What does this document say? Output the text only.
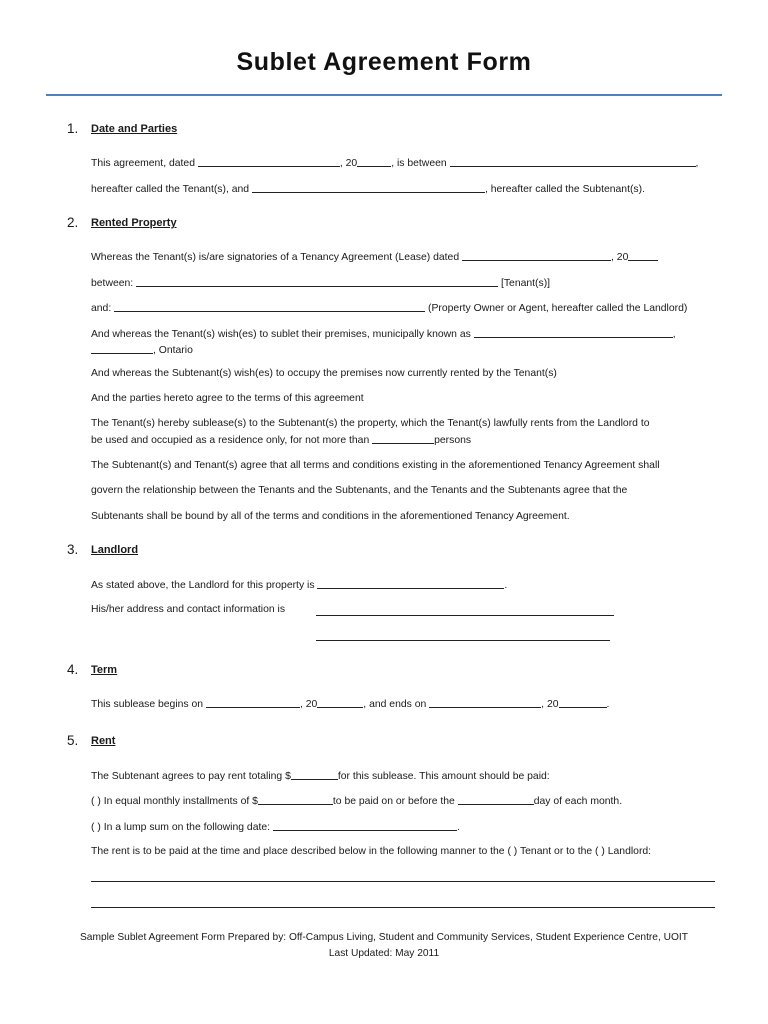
Sublet Agreement Form
1. Date and Parties
This agreement, dated	, 20	, is between	,
hereafter called the Tenant(s), and	, hereafter called the Subtenant(s).
2. Rented Property
Whereas the Tenant(s) is/are signatories of a Tenancy Agreement (Lease) dated	, 20
between:	[Tenant(s)]
and:	(Property Owner or Agent, hereafter called the Landlord)
And whereas the Tenant(s) wish(es) to sublet their premises, municipally known as	,
, Ontario
And whereas the Subtenant(s) wish(es) to occupy the premises now currently rented by the Tenant(s)
And the parties hereto agree to the terms of this agreement
The Tenant(s) hereby sublease(s) to the Subtenant(s) the property, which the Tenant(s) lawfully rents from the Landlord to
be used and occupied as a residence only, for not more than	persons
The Subtenant(s) and Tenant(s) agree that all terms and conditions existing in the aforementioned Tenancy Agreement shall
govern the relationship between the Tenants and the Subtenants, and the Tenants and the Subtenants agree that the
Subtenants shall be bound by all of the terms and conditions in the aforementioned Tenancy Agreement.
3. Landlord
As stated above, the Landlord for this property is	.
His/her address and contact information is
4. Term
This sublease begins on	, 20	, and ends on	, 20	.
5. Rent
The Subtenant agrees to pay rent totaling $	for this sublease. This amount should be paid:
( ) In equal monthly installments of $	to be paid on or before the	day of each month.
( ) In a lump sum on the following date:	.
The rent is to be paid at the time and place described below in the following manner to the ( ) Tenant or to the ( ) Landlord:
Sample Sublet Agreement Form Prepared by: Off-Campus Living, Student and Community Services, Student Experience Centre, UOIT
Last Updated: May 2011
